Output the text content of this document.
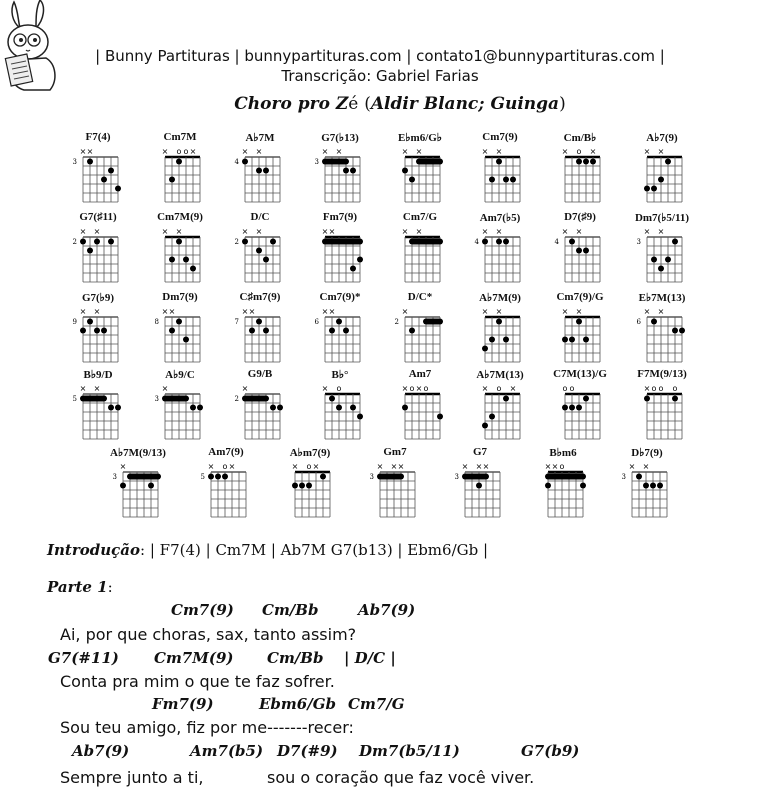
| Bunny Partituras | bunnypartituras.com | contato1@bunnypartituras.com |
Transcrição: Gabriel Farias
Choro pro Zé (Aldir Blanc; Guinga)
F7(4)
× ×
3
Cm7M
× o o ×
A♭7M
× ×
4
G7(♭13)
× ×
3
E♭m6/G♭
× ×
Cm7(9)
× ×
Cm/B♭
× o ×
A♭7(9)
× ×
G7(♯11)
× ×
2
Cm7M(9)
× ×
D/C
× ×
2
Fm7(9)
× ×
Cm7/G
× ×
Am7(♭5)
× ×
4
D7(♯9)
× ×
4
Dm7(♭5/11)
× ×
3
G7(♭9)
× ×
9
Dm7(9)
× ×
8
C♯m7(9)
× ×
7
Cm7(9)*
× ×
6
D/C*
×
2
A♭7M(9)
× ×
Cm7(9)/G
× ×
E♭7M(13)
× ×
6
B♭9/D
× ×
5
A♭9/C
×
3
G9/B
×
2
B♭°
× o
Am7
× o × o
A♭7M(13)
× o ×
C7M(13)/G
o o
F7M(9/13)
× o o o
A♭7M(9/13)
×
3
Am7(9)
× o ×
5
A♭m7(9)
× o ×
Gm7
× × ×
3
G7
× × ×
3
B♭m6
× × o
D♭7(9)
× ×
3
Introdução: | F7(4) | Cm7M | Ab7M G7(b13) | Ebm6/Gb |
Parte 1:
Cm7(9) Cm/Bb	Ab7(9)
Ai, por que choras, sax, tanto assim?
G7(#11) Cm7M(9) Cm/Bb | D/C |
Conta pra mim o que te faz sofrer.
Fm7(9)	Ebm6/Gb Cm7/G
Sou teu amigo, fiz por me-------recer:
Ab7(9)	Am7(b5) D7(#9) Dm7(b5/11)	G7(b9)
Sempre junto a ti,	sou o coração que faz você viver.
